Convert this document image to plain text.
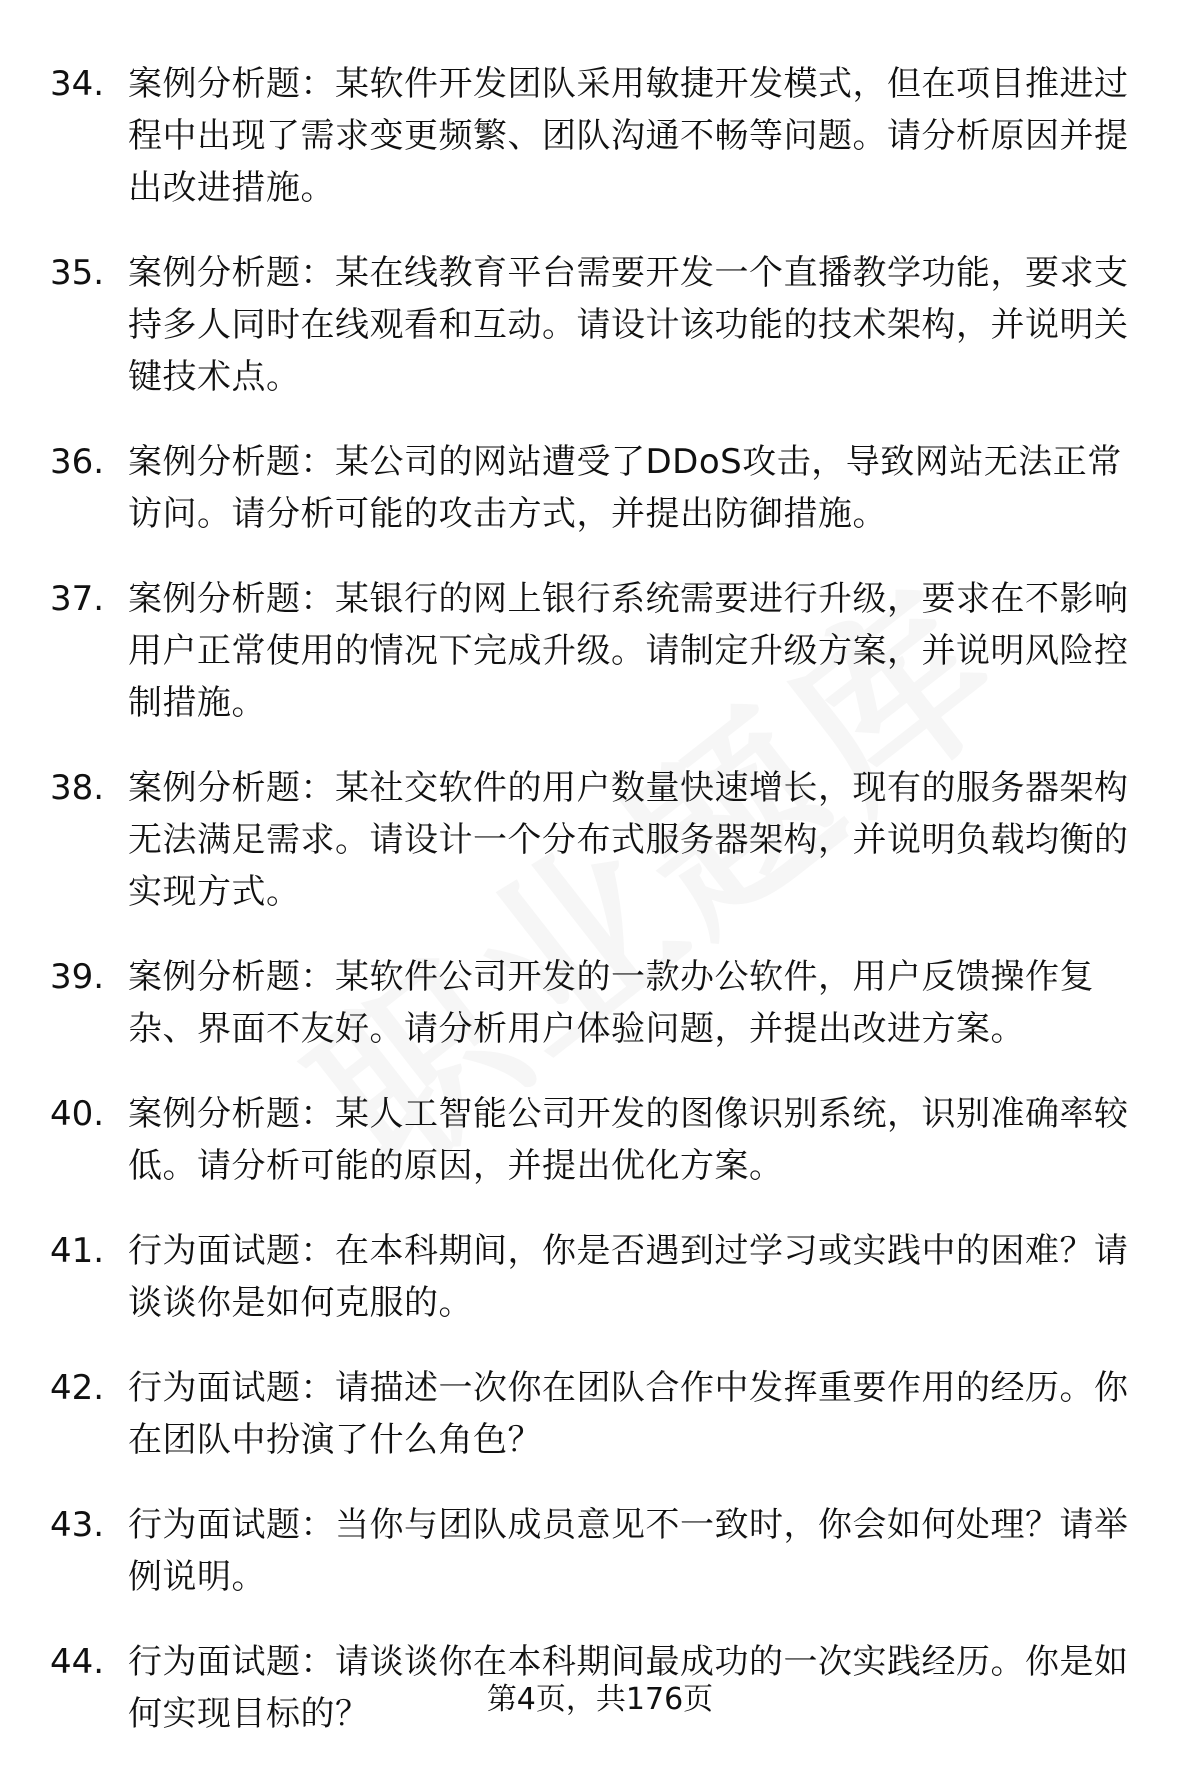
34. 案例分析题：某软件开发团队采用敏捷开发模式，但在项目推进过程中出现了需求变更频繁、团队沟通不畅等问题。请分析原因并提出改进措施。
35. 案例分析题：某在线教育平台需要开发一个直播教学功能，要求支持多人同时在线观看和互动。请设计该功能的技术架构，并说明关键技术点。
36. 案例分析题：某公司的网站遭受了DDoS攻击，导致网站无法正常访问。请分析可能的攻击方式，并提出防御措施。
37. 案例分析题：某银行的网上银行系统需要进行升级，要求在不影响用户正常使用的情况下完成升级。请制定升级方案，并说明风险控制措施。
38. 案例分析题：某社交软件的用户数量快速增长，现有的服务器架构无法满足需求。请设计一个分布式服务器架构，并说明负载均衡的实现方式。
39. 案例分析题：某软件公司开发的一款办公软件，用户反馈操作复杂、界面不友好。请分析用户体验问题，并提出改进方案。
40. 案例分析题：某人工智能公司开发的图像识别系统，识别准确率较低。请分析可能的原因，并提出优化方案。
41. 行为面试题：在本科期间，你是否遇到过学习或实践中的困难？请谈谈你是如何克服的。
42. 行为面试题：请描述一次你在团队合作中发挥重要作用的经历。你在团队中扮演了什么角色？
43. 行为面试题：当你与团队成员意见不一致时，你会如何处理？请举例说明。
44. 行为面试题：请谈谈你在本科期间最成功的一次实践经历。你是如何实现目标的？	第4页，共176页
